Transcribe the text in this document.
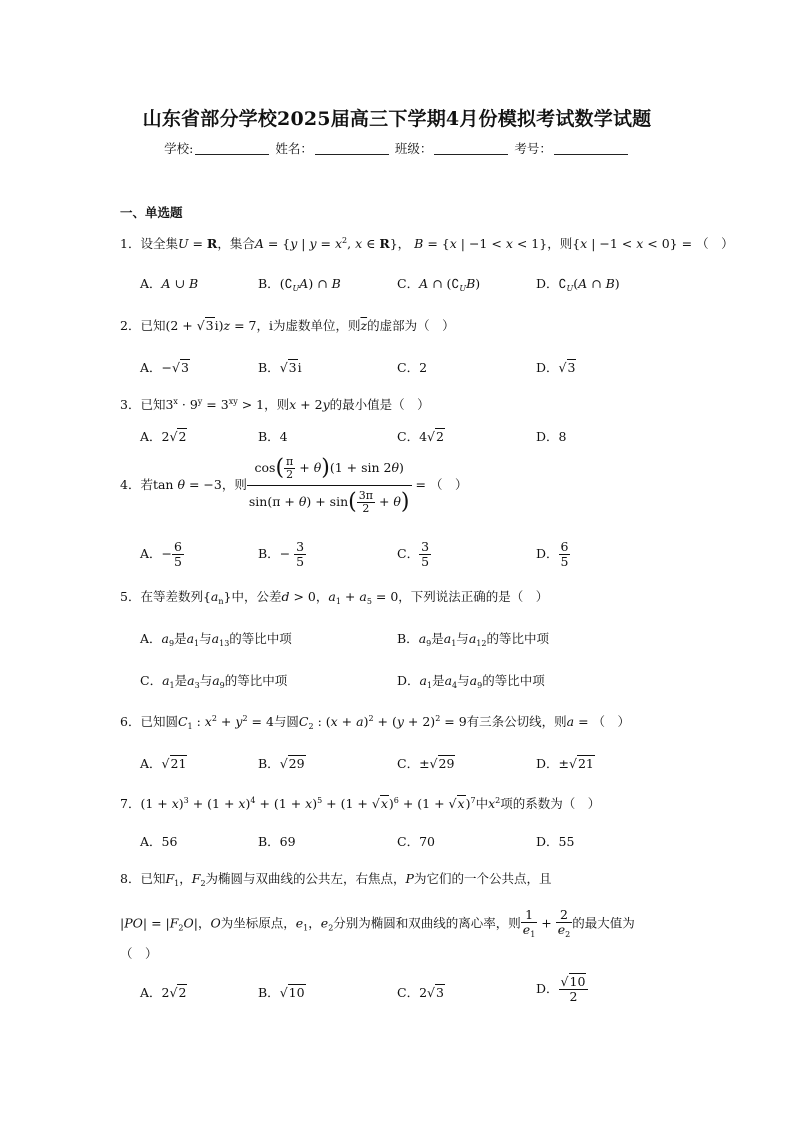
山东省部分学校2025届高三下学期4月份模拟考试数学试题
学校:	姓名：	班级：	考号：
一、单选题
1．设全集U = R，集合A = {y | $y = x^2$, x ∈ R}， B = {x | −1 < x < 1}，则{x | −1 < x < 0} = （　）
A．A ∪ B	B．$(∁_UA)$ ∩ B	C．A ∩ $(∁_UB)$	D．$∁_U(A$ ∩ B)
2．已知(2 + √3i)z = 7，i为虚数单位，则$\overline{z}$的虚部为（　）
A．−√3	B．√3i	C．2	D．√3
3．已知$3^x \cdot 9^y = 3^{xy} > 1$，则x + 2y的最小值是（　）
A．2√2	B．4	C．4√2	D．8
4．若tan θ = −3，则 $\frac{\cos( \frac{\pi}{2} + \theta)(1 + \sin 2\theta)}{\sin(\pi + \theta) + \sin( \frac{3\pi}{2} + \theta)}$ = （　）
A．− $\frac{6}{5}$	B．− $\frac{3}{5}$	C． $\frac{3}{5}$	D． $\frac{6}{5}$
5．在等差数列$\{a_n\}$中，公差d > 0，$a_1 + a_5 = 0$，下列说法正确的是（　）
A．$a_9$是$a_1$与$a_{13}$的等比中项	B．$a_9$是$a_1$与$a_{12}$的等比中项
C．$a_1$是$a_3$与$a_9$的等比中项	D．$a_1$是$a_4$与$a_9$的等比中项
6．已知圆$C_1$ : $x^2 + y^2 = 4$与圆$C_2$ : $(x + a)^2 + (y + 2)^2 = 9$有三条公切线，则a = （　）
A．√21	B．√29	C．±√29	D．±√21
7．$(1 + x)^3 + (1 + x)^4 + (1 + x)^5 + (1 + √x)^6 + (1 + √x)^7$中$x^2$项的系数为（　）
A．56	B．69	C．70	D．55
8．已知$F_1$，$F_2$为椭圆与双曲线的公共左，右焦点，P为它们的一个公共点，且
$|PO| = |F_2O|$，O为坐标原点，$e_1$，$e_2$分别为椭圆和双曲线的离心率，则 $\frac{1}{e_1} + \frac{2}{e_2}$ 的最大值为
（　）
A．2√2	B．√10	C．2√3	D． $\frac{√10}{2}$
